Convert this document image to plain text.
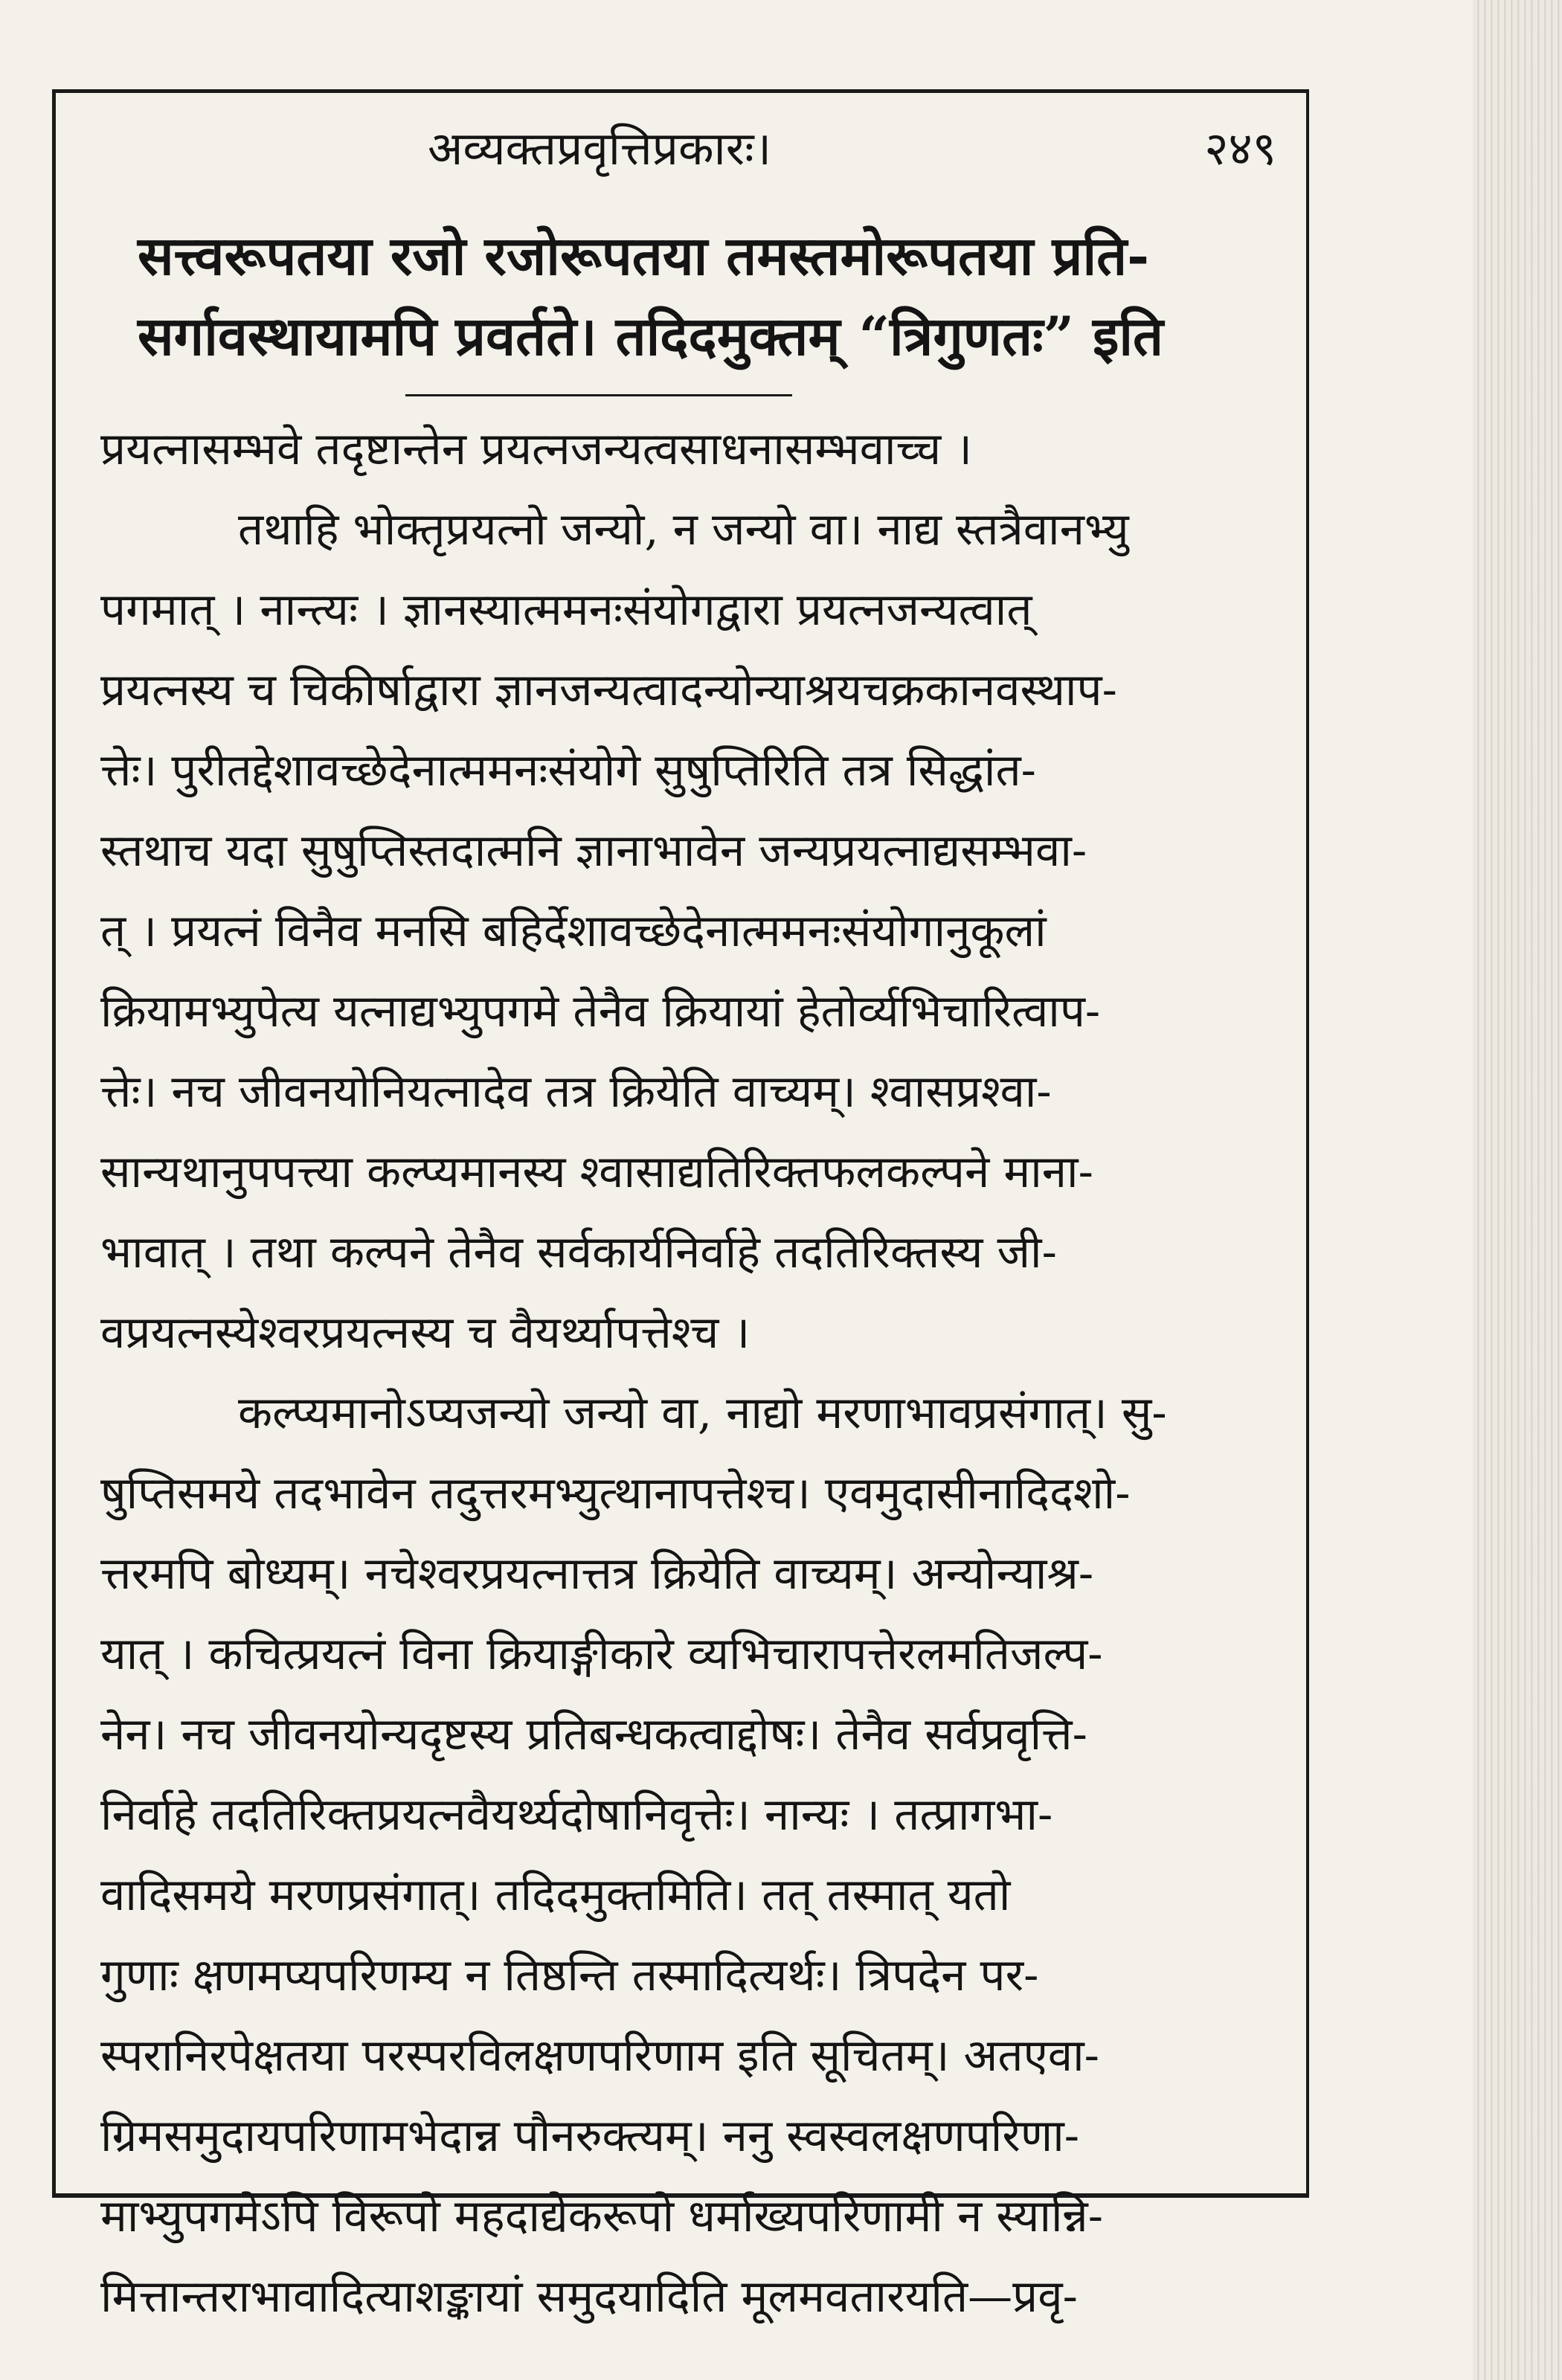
अव्यक्तप्रवृत्तिप्रकारः।	२४९
सत्त्वरूपतया रजो रजोरूपतया तमस्तमोरूपतया प्रति-
सर्गावस्थायामपि प्रवर्तते। तदिदमुक्तम् “त्रिगुणतः” इति
प्रयत्नासम्भवे तदृष्टान्तेन प्रयत्नजन्यत्वसाधनासम्भवाच्च ।
तथाहि भोक्तृप्रयत्नो जन्यो, न जन्यो वा। नाद्य स्तत्रैवानभ्यु
पगमात् । नान्त्यः । ज्ञानस्यात्ममनःसंयोगद्वारा प्रयत्नजन्यत्वात्
प्रयत्नस्य च चिकीर्षाद्वारा ज्ञानजन्यत्वादन्योन्याश्रयचक्रकानवस्थाप-
त्तेः। पुरीतद्देशावच्छेदेनात्ममनःसंयोगे सुषुप्तिरिति तत्र सिद्धांत-
स्तथाच यदा सुषुप्तिस्तदात्मनि ज्ञानाभावेन जन्यप्रयत्नाद्यसम्भवा-
त् । प्रयत्नं विनैव मनसि बहिर्देशावच्छेदेनात्ममनःसंयोगानुकूलां
क्रियामभ्युपेत्य यत्नाद्यभ्युपगमे तेनैव क्रियायां हेतोर्व्यभिचारित्वाप-
त्तेः। नच जीवनयोनियत्नादेव तत्र क्रियेति वाच्यम्। श्वासप्रश्वा-
सान्यथानुपपत्त्या कल्प्यमानस्य श्वासाद्यतिरिक्तफलकल्पने माना-
भावात् । तथा कल्पने तेनैव सर्वकार्यनिर्वाहे तदतिरिक्तस्य जी-
वप्रयत्नस्येश्वरप्रयत्नस्य च वैयर्थ्यापत्तेश्च ।
कल्प्यमानोऽप्यजन्यो जन्यो वा, नाद्यो मरणाभावप्रसंगात्। सु-
षुप्तिसमये तदभावेन तदुत्तरमभ्युत्थानापत्तेश्च। एवमुदासीनादिदशो-
त्तरमपि बोध्यम्। नचेश्वरप्रयत्नात्तत्र क्रियेति वाच्यम्। अन्योन्याश्र-
यात् । कचित्प्रयत्नं विना क्रियाङ्गीकारे व्यभिचारापत्तेरलमतिजल्प-
नेन। नच जीवनयोन्यदृष्टस्य प्रतिबन्धकत्वाद्दोषः। तेनैव सर्वप्रवृत्ति-
निर्वाहे तदतिरिक्तप्रयत्नवैयर्थ्यदोषानिवृत्तेः। नान्यः । तत्प्रागभा-
वादिसमये मरणप्रसंगात्। तदिदमुक्तमिति। तत् तस्मात् यतो
गुणाः क्षणमप्यपरिणम्य न तिष्ठन्ति तस्मादित्यर्थः। त्रिपदेन पर-
स्परानिरपेक्षतया परस्परविलक्षणपरिणाम इति सूचितम्। अतएवा-
ग्रिमसमुदायपरिणामभेदान्न पौनरुक्त्यम्। ननु स्वस्वलक्षणपरिणा-
माभ्युपगमेऽपि विरूपो महदाद्येकरूपो धर्माख्यपरिणामी न स्यान्नि-
मित्तान्तराभावादित्याशङ्कायां समुदयादिति मूलमवतारयति—प्रवृ-
